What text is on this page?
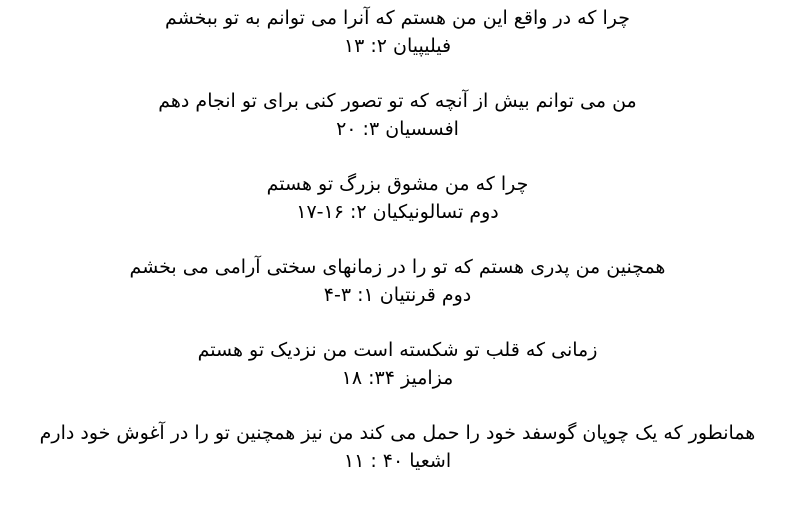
چرا که در واقع این من هستم که آنرا می توانم به تو ببخشم
فیلیپیان ۲: ۱۳
من می توانم بیش از آنچه که تو تصور کنی برای تو انجام دهم
افسسیان ۳: ۲۰
چرا که من مشوق بزرگ تو هستم
دوم تسالونیکیان ۲: ۱۶-۱۷
همچنین من پدری هستم که تو را در زمانهای سختی آرامی می بخشم
دوم قرنتیان ۱: ۳-۴
زمانی که قلب تو شکسته است من نزدیک تو هستم
مزامیز ۳۴: ۱۸
همانطور که یک چوپان گوسفد خود را حمل می کند من نیز همچنین تو را در آغوش خود دارم
اشعیا ۴۰ : ۱۱
